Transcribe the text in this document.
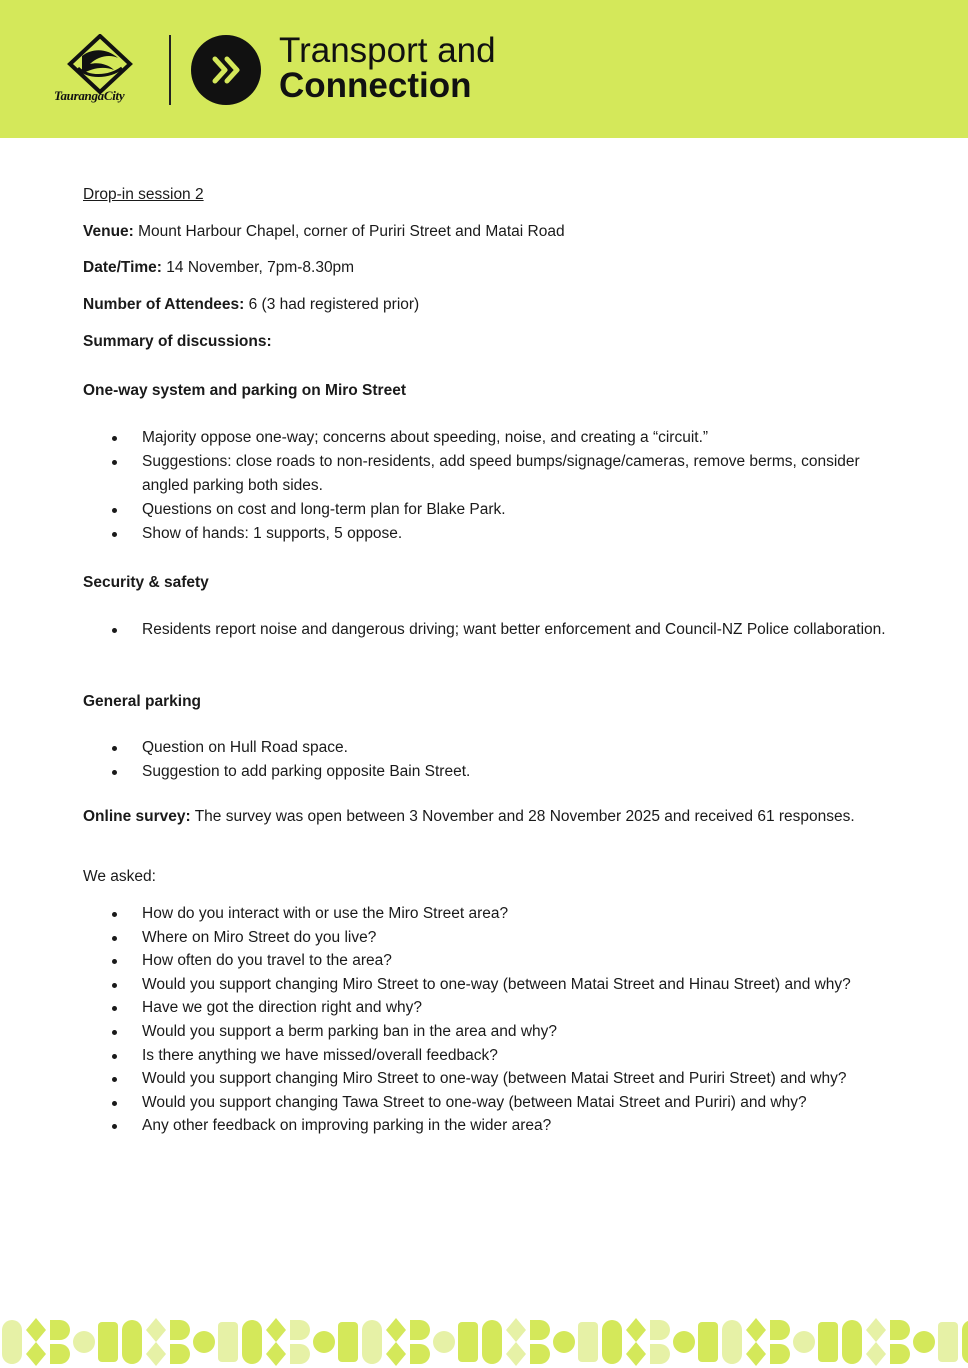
TaurangaCity
Transport and
Connection
Drop-in session 2
Venue: Mount Harbour Chapel, corner of Puriri Street and Matai Road
Date/Time: 14 November, 7pm-8.30pm
Number of Attendees: 6 (3 had registered prior)
Summary of discussions:
One-way system and parking on Miro Street
Majority oppose one-way; concerns about speeding, noise, and creating a “circuit.”
Suggestions: close roads to non-residents, add speed bumps/signage/cameras, remove berms, consider angled parking both sides.
Questions on cost and long-term plan for Blake Park.
Show of hands: 1 supports, 5 oppose.
Security & safety
Residents report noise and dangerous driving; want better enforcement and Council-NZ Police collaboration.
General parking
Question on Hull Road space.
Suggestion to add parking opposite Bain Street.
Online survey: The survey was open between 3 November and 28 November 2025 and received 61 responses.
We asked:
How do you interact with or use the Miro Street area?
Where on Miro Street do you live?
How often do you travel to the area?
Would you support changing Miro Street to one-way (between Matai Street and Hinau Street) and why?
Have we got the direction right and why?
Would you support a berm parking ban in the area and why?
Is there anything we have missed/overall feedback?
Would you support changing Miro Street to one-way (between Matai Street and Puriri Street) and why?
Would you support changing Tawa Street to one-way (between Matai Street and Puriri) and why?
Any other feedback on improving parking in the wider area?
